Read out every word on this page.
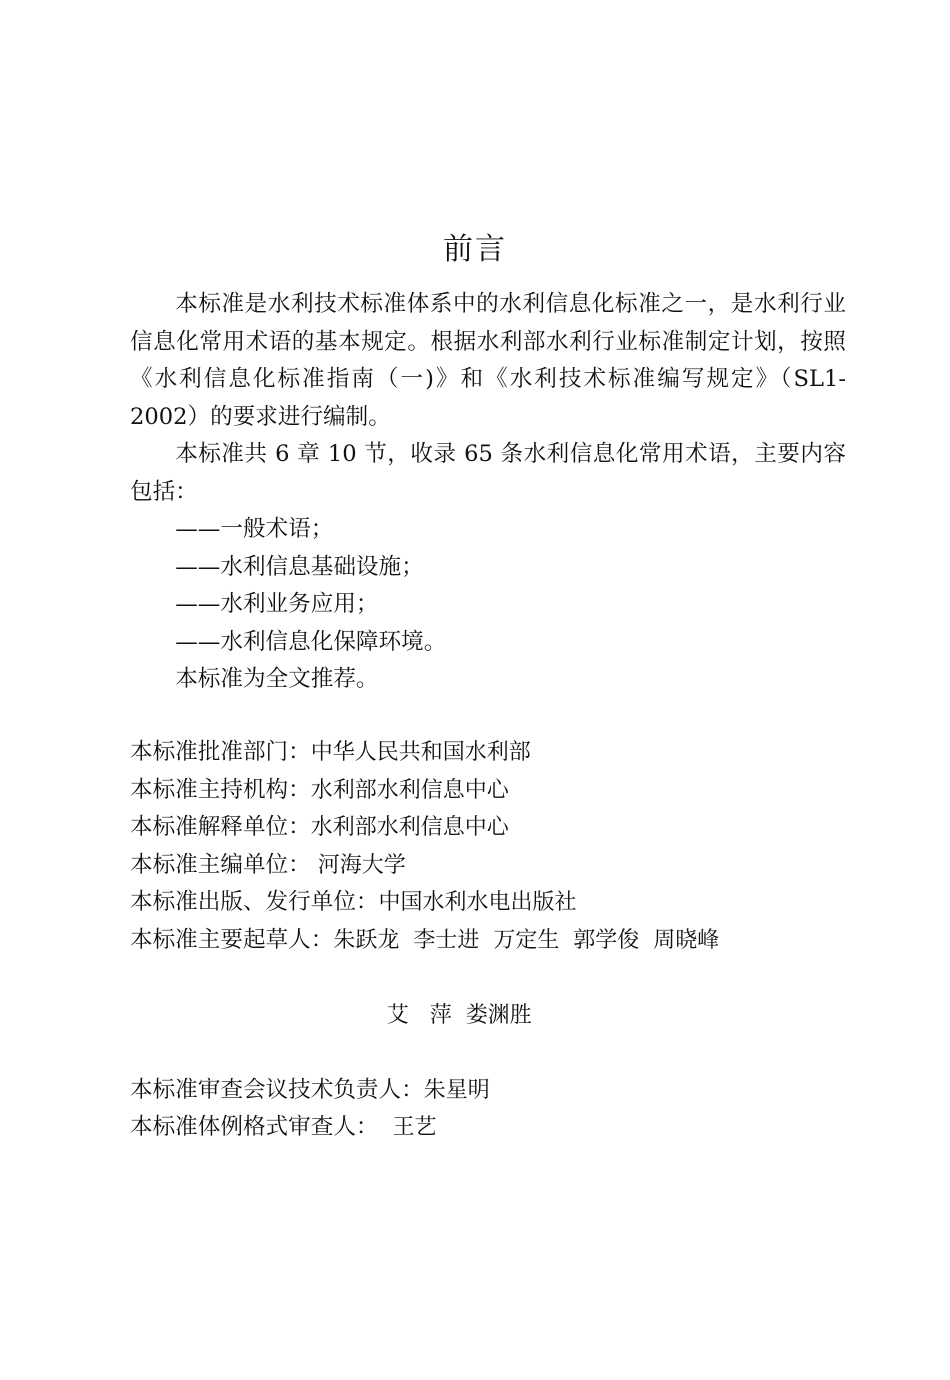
前言

本标准是水利技术标准体系中的水利信息化标准之一，是水利行业信息化常用术语的基本规定。根据水利部水利行业标准制定计划，按照《水利信息化标准指南（一)》和《水利技术标准编写规定》（SL1-2002）的要求进行编制。

本标准共 6 章 10 节，收录 65 条水利信息化常用术语，主要内容包括：

——一般术语；
——水利信息基础设施；
——水利业务应用；
——水利信息化保障环境。

本标准为全文推荐。

本标准批准部门：中华人民共和国水利部
本标准主持机构：水利部水利信息中心
本标准解释单位：水利部水利信息中心
本标准主编单位： 河海大学
本标准出版、发行单位：中国水利水电出版社
本标准主要起草人：朱跃龙  李士进  万定生  郭学俊  周晓峰

艾   萍  娄渊胜

本标准审查会议技术负责人：朱星明
本标准体例格式审查人：  王艺
